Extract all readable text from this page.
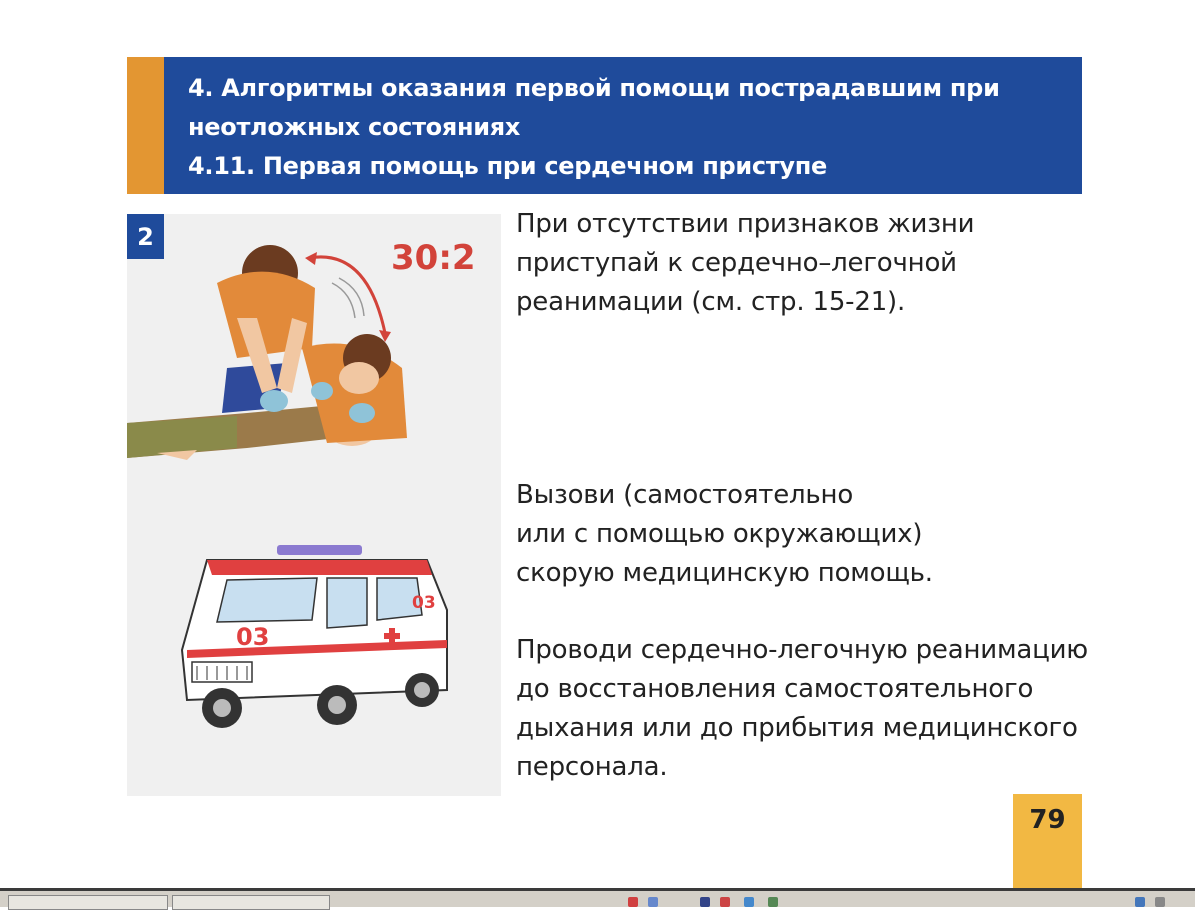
4. Алгоритмы оказания первой помощи пострадавшим при
неотложных состояниях
4.11. Первая помощь при сердечном приступе
2
30:2
03
03
При отсутствии признаков жизни
приступай к сердечно–легочной
реанимации (см. стр. 15-21).
Вызови (самостоятельно
или с помощью окружающих)
скорую медицинскую помощь.
Проводи сердечно-легочную реанимацию
до восстановления самостоятельного
дыхания или до прибытия медицинского
персонала.
79
